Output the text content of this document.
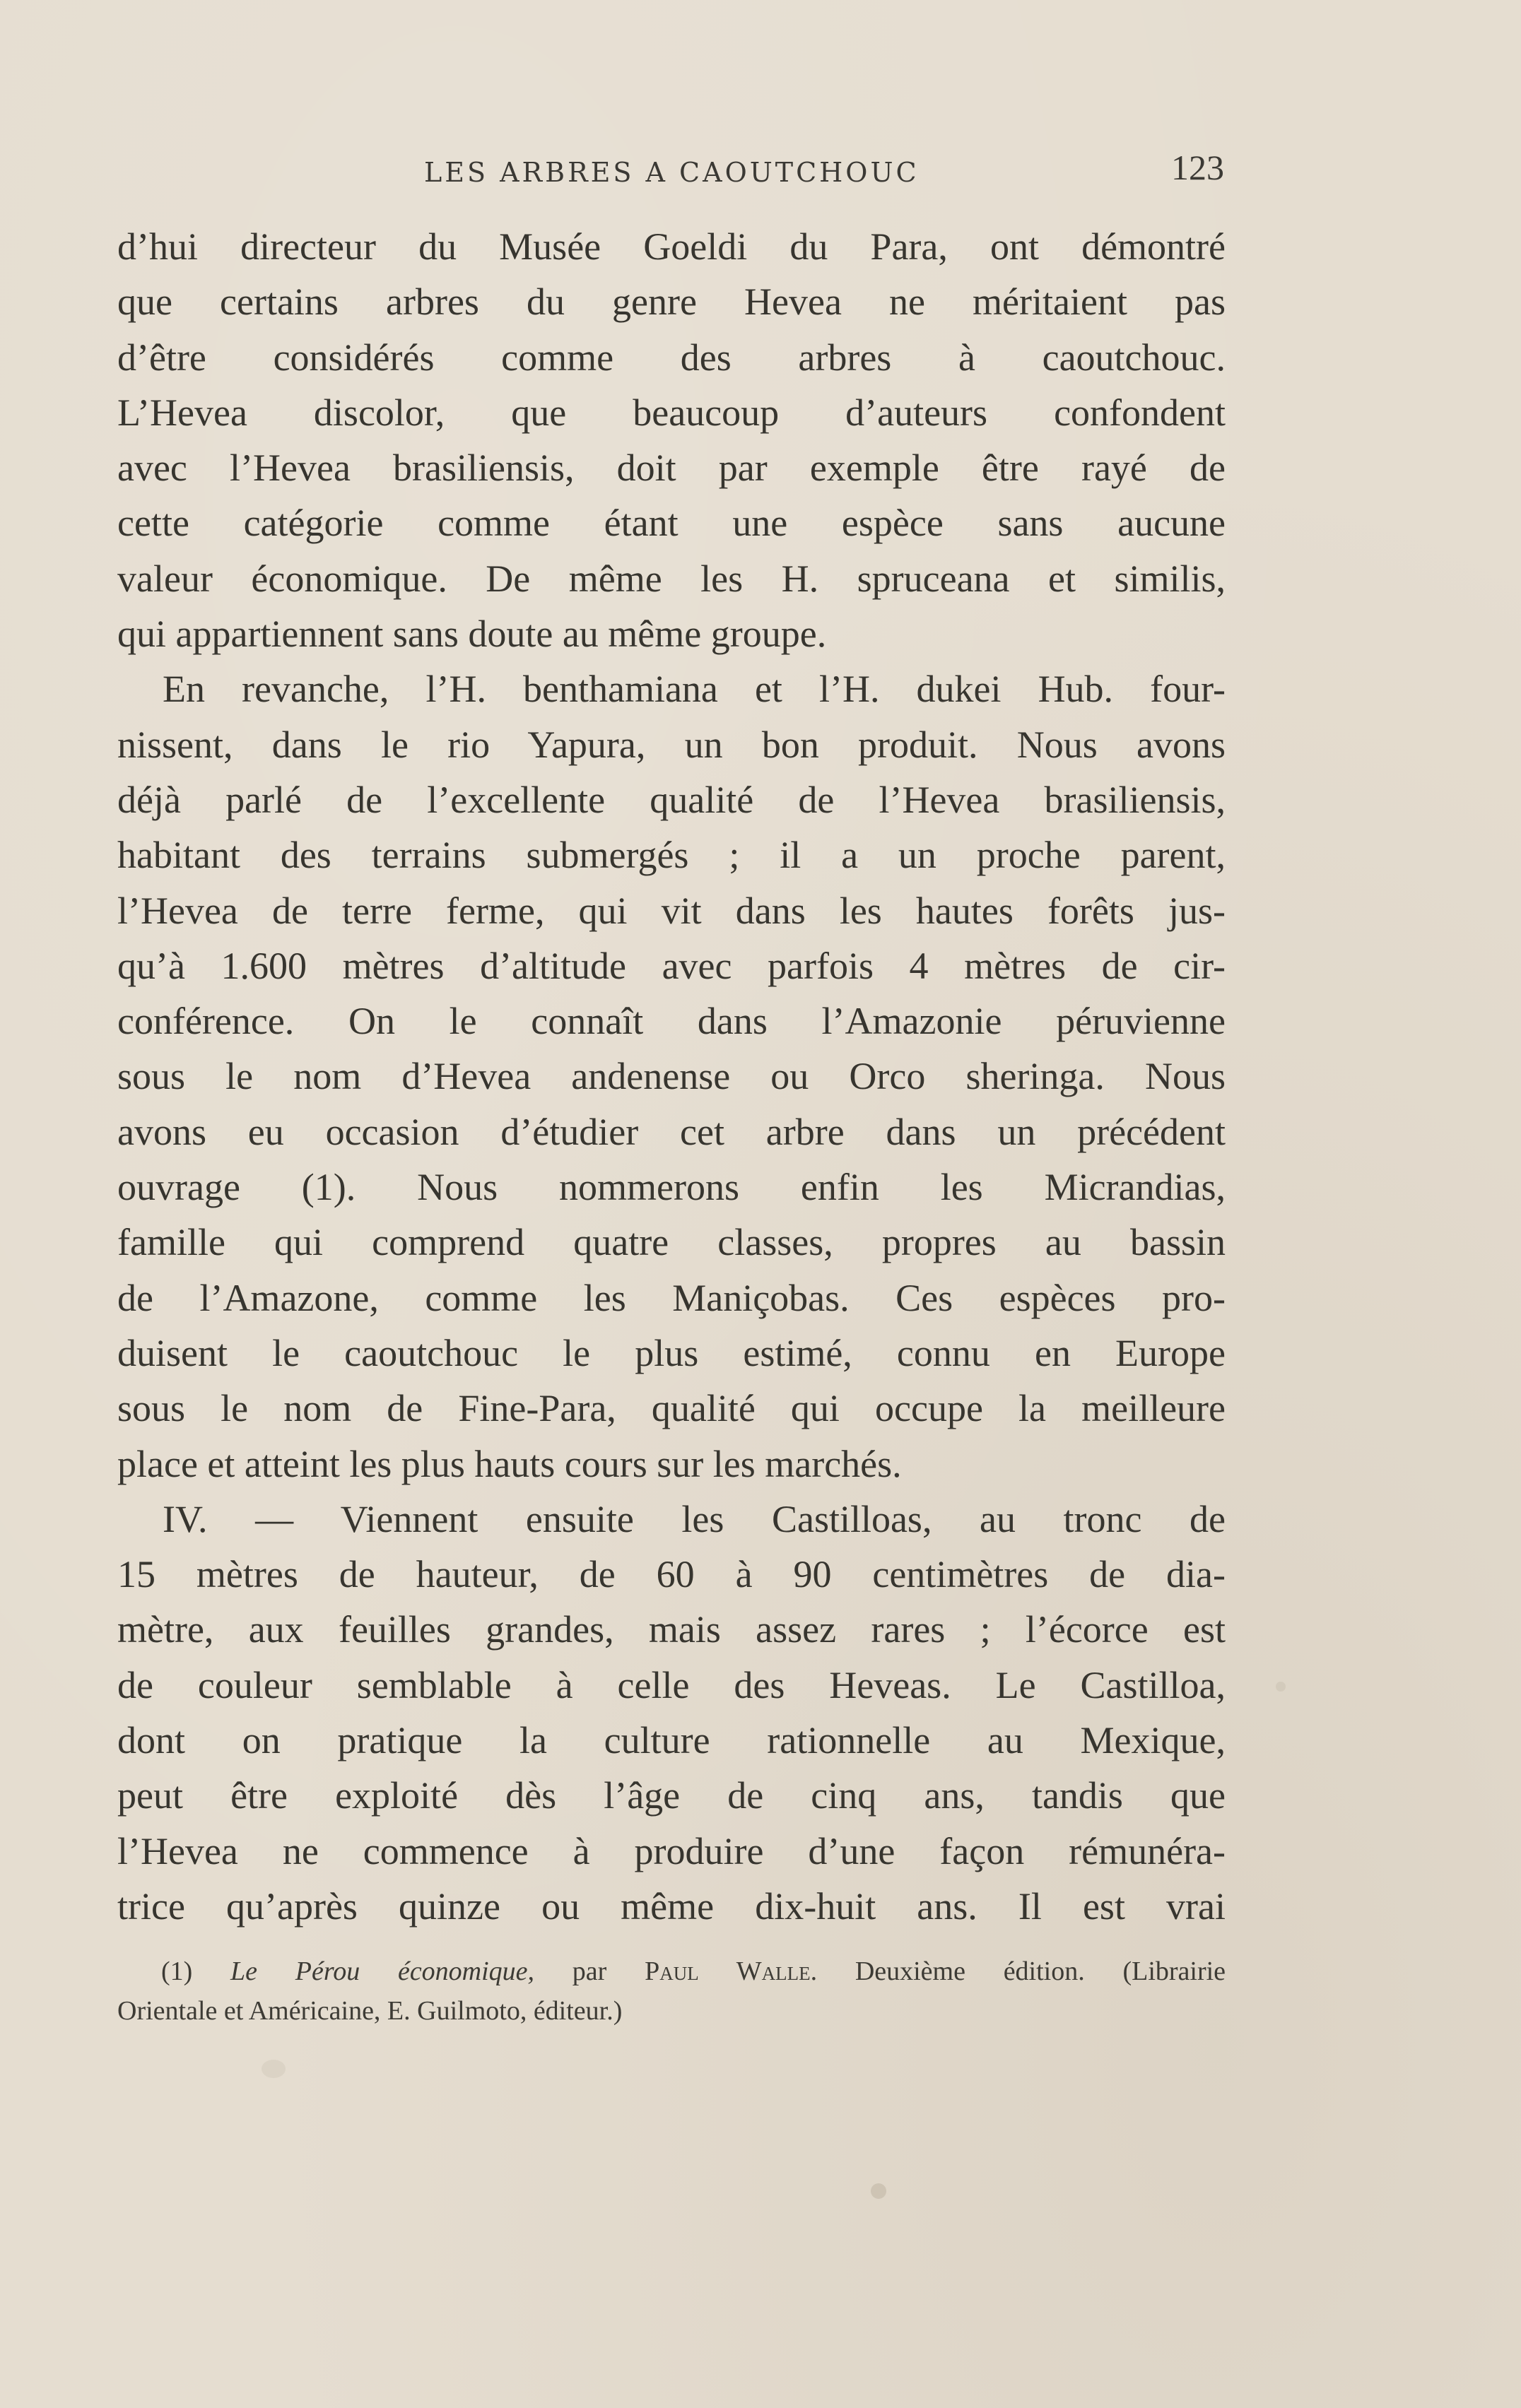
LES ARBRES A CAOUTCHOUC	123
d’hui directeur du Musée Goeldi du Para, ont démontré
que certains arbres du genre Hevea ne méritaient pas
d’être considérés comme des arbres à caoutchouc.
L’Hevea discolor, que beaucoup d’auteurs confondent
avec l’Hevea brasiliensis, doit par exemple être rayé de
cette catégorie comme étant une espèce sans aucune
valeur économique. De même les H. spruceana et similis,
qui appartiennent sans doute au même groupe.
En revanche, l’H. benthamiana et l’H. dukei Hub. four-
nissent, dans le rio Yapura, un bon produit. Nous avons
déjà parlé de l’excellente qualité de l’Hevea brasiliensis,
habitant des terrains submergés ; il a un proche parent,
l’Hevea de terre ferme, qui vit dans les hautes forêts jus-
qu’à 1.600 mètres d’altitude avec parfois 4 mètres de cir-
conférence. On le connaît dans l’Amazonie péruvienne
sous le nom d’Hevea andenense ou Orco sheringa. Nous
avons eu occasion d’étudier cet arbre dans un précédent
ouvrage (1). Nous nommerons enfin les Micrandias,
famille qui comprend quatre classes, propres au bassin
de l’Amazone, comme les Maniçobas. Ces espèces pro-
duisent le caoutchouc le plus estimé, connu en Europe
sous le nom de Fine-Para, qualité qui occupe la meilleure
place et atteint les plus hauts cours sur les marchés.
IV. — Viennent ensuite les Castilloas, au tronc de
15 mètres de hauteur, de 60 à 90 centimètres de dia-
mètre, aux feuilles grandes, mais assez rares ; l’écorce est
de couleur semblable à celle des Heveas. Le Castilloa,
dont on pratique la culture rationnelle au Mexique,
peut être exploité dès l’âge de cinq ans, tandis que
l’Hevea ne commence à produire d’une façon rémunéra-
trice qu’après quinze ou même dix-huit ans. Il est vrai
(1) Le Pérou économique, par Paul Walle. Deuxième édition. (Librairie
Orientale et Américaine, E. Guilmoto, éditeur.)
